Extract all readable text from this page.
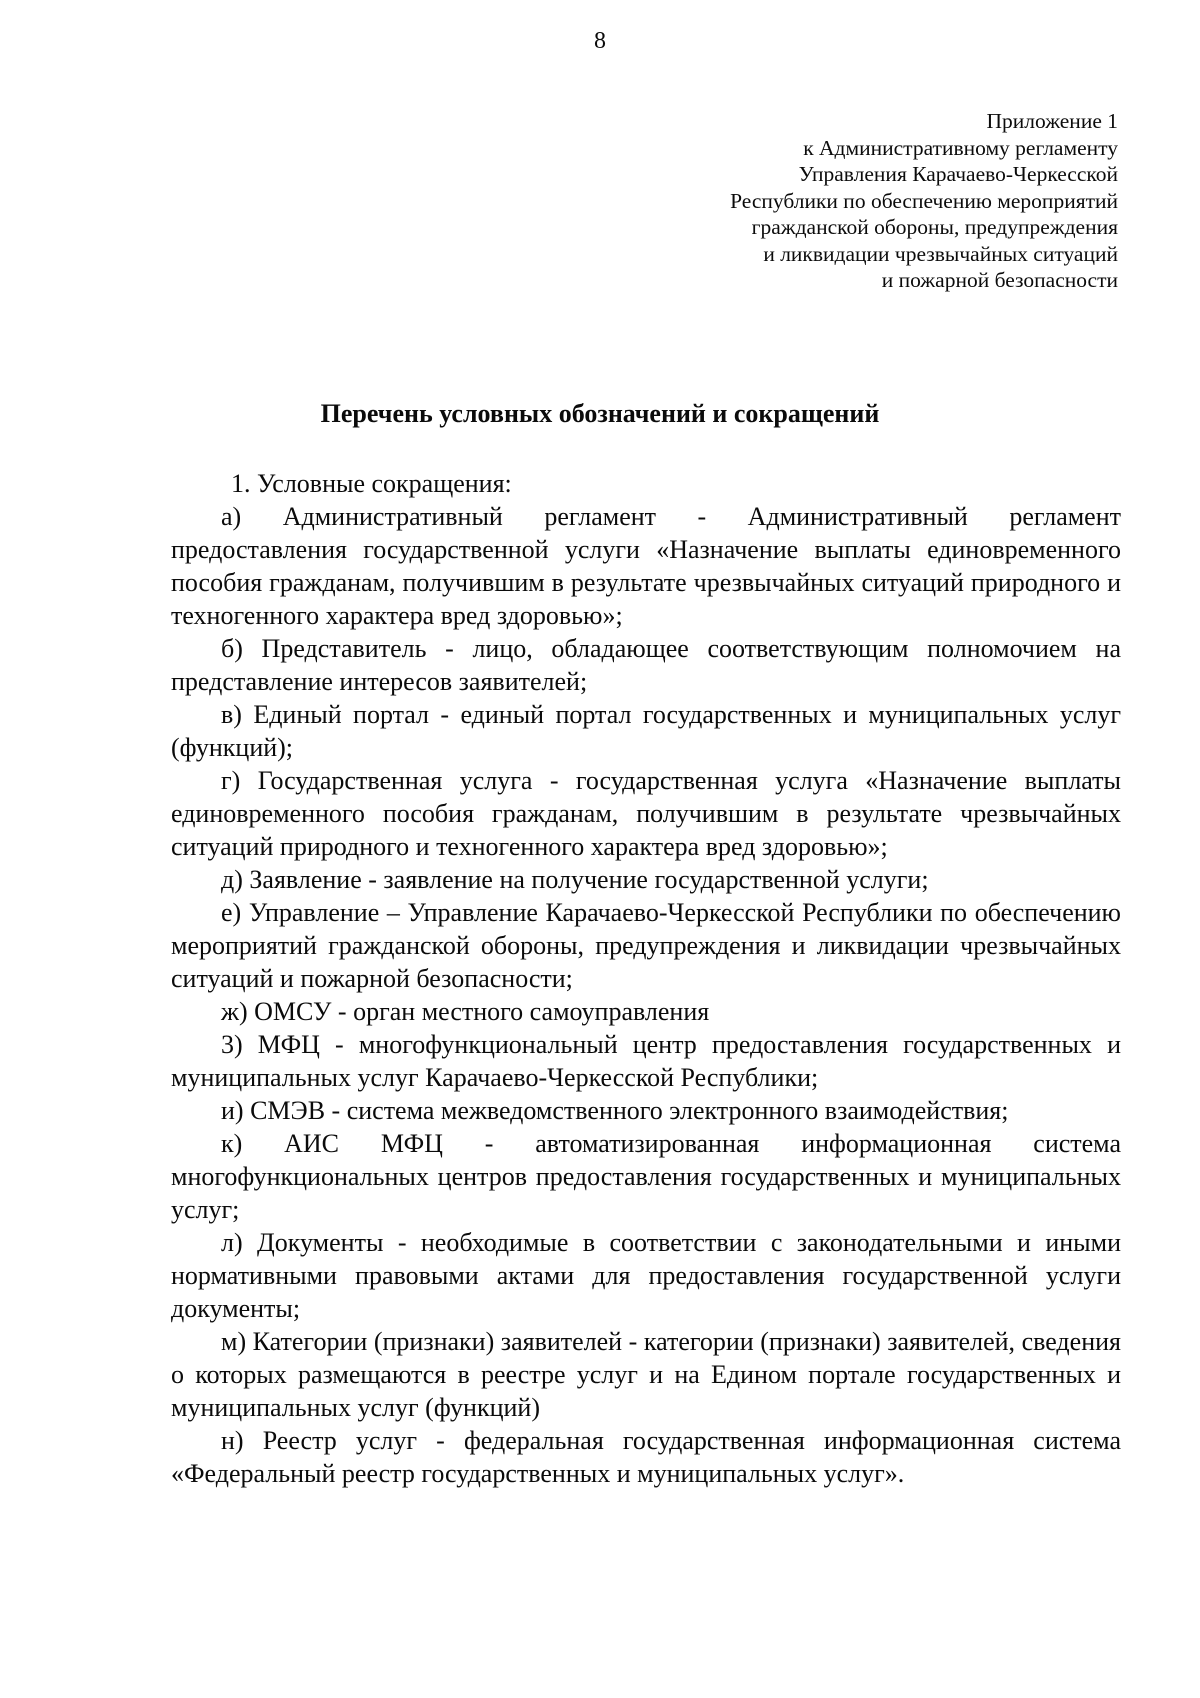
8
Приложение 1
к Административному регламенту
Управления Карачаево-Черкесской
Республики по обеспечению мероприятий
гражданской обороны, предупреждения
и ликвидации чрезвычайных ситуаций
и пожарной безопасности
Перечень условных обозначений и сокращений

1. Условные сокращения:

а) Административный регламент - Административный регламент предоставления государственной услуги «Назначение выплаты единовременного пособия гражданам, получившим в результате чрезвычайных ситуаций природного и техногенного характера вред здоровью»;

б) Представитель - лицо, обладающее соответствующим полномочием на представление интересов заявителей;

в) Единый портал - единый портал государственных и муниципальных услуг (функций);

г) Государственная услуга - государственная услуга «Назначение выплаты единовременного пособия гражданам, получившим в результате чрезвычайных ситуаций природного и техногенного характера вред здоровью»;

д) Заявление - заявление на получение государственной услуги;

е) Управление – Управление Карачаево-Черкесской Республики по обеспечению мероприятий гражданской обороны, предупреждения и ликвидации чрезвычайных ситуаций и пожарной безопасности;

ж) ОМСУ - орган местного самоуправления

3) МФЦ - многофункциональный центр предоставления государственных и муниципальных услуг Карачаево-Черкесской Республики;

и) СМЭВ - система межведомственного электронного взаимодействия;

к) АИС МФЦ - автоматизированная информационная система многофункциональных центров предоставления государственных и муниципальных услуг;

л) Документы - необходимые в соответствии с законодательными и иными нормативными правовыми актами для предоставления государственной услуги документы;

м) Категории (признаки) заявителей - категории (признаки) заявителей, сведения о которых размещаются в реестре услуг и на Едином портале государственных и муниципальных услуг (функций)

н) Реестр услуг - федеральная государственная информационная система «Федеральный реестр государственных и муниципальных услуг».
